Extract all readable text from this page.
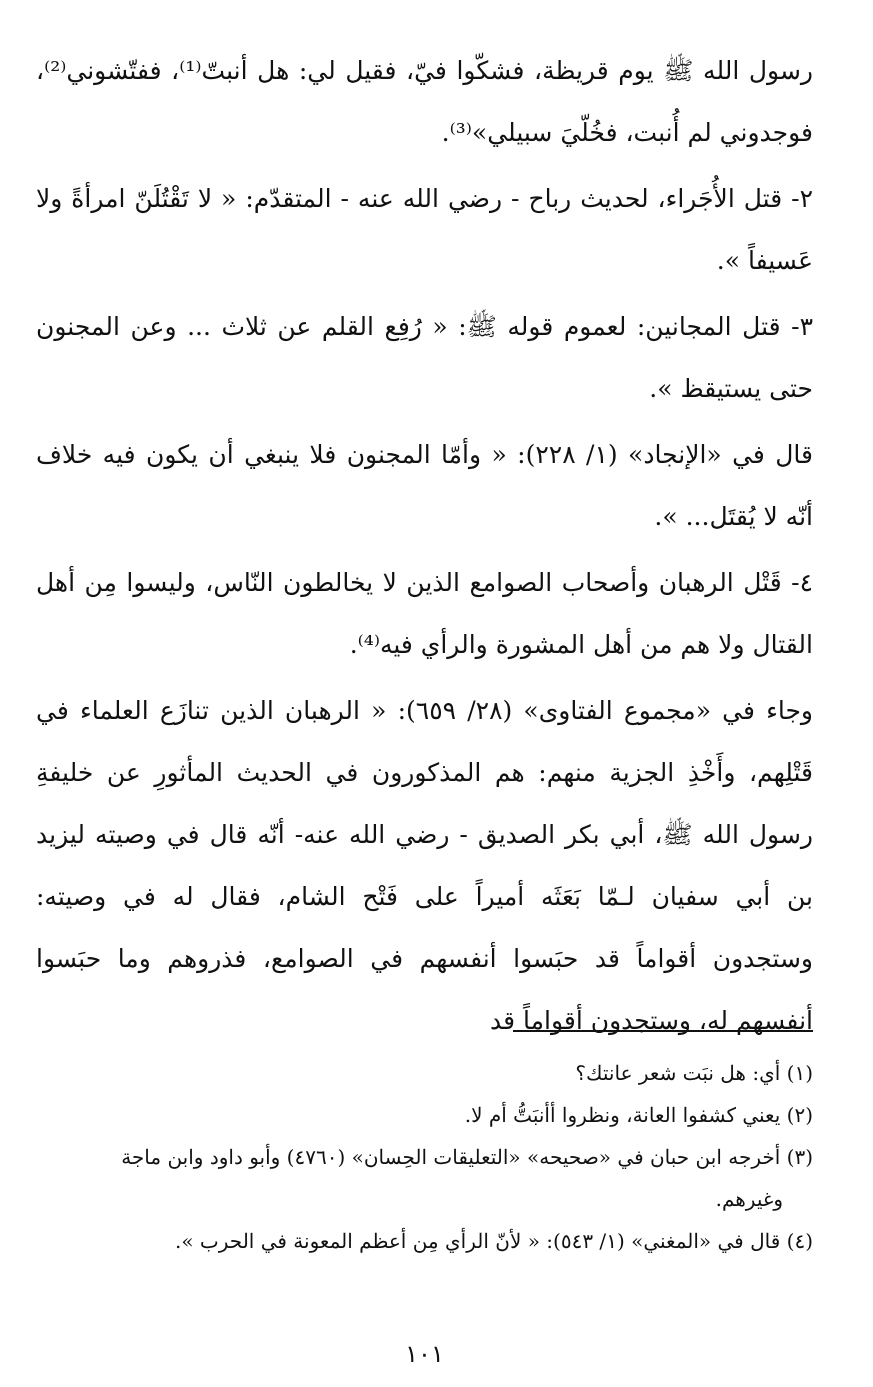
رسول الله ﷺ يوم قريظة، فشكّوا فيّ، فقيل لي: هل أنبتّ⁽¹⁾، ففتّشوني⁽²⁾، فوجدوني لم أُنبت، فخُلّيَ سبيلي»⁽³⁾.

٢- قتل الأُجَراء، لحديث رباح - رضي الله عنه - المتقدّم: « لا تَقْتُلَنّ امرأةً ولا عَسيفاً ».

٣- قتل المجانين: لعموم قوله ﷺ: « رُفِع القلم عن ثلاث ... وعن المجنون حتى يستيقظ ».

قال في «الإنجاد» (١/ ٢٢٨): « وأمّا المجنون فلا ينبغي أن يكون فيه خلاف أنّه لا يُقتَل... ».

٤- قَتْل الرهبان وأصحاب الصوامع الذين لا يخالطون النّاس، وليسوا مِن أهل القتال ولا هم من أهل المشورة والرأي فيه⁽⁴⁾.

وجاء في «مجموع الفتاوى» (٢٨/ ٦٥٩): « الرهبان الذين تنازَع العلماء في قَتْلِهم، وأَخْذِ الجزية منهم: هم المذكورون في الحديث المأثورِ عن خليفةِ رسول الله ﷺ، أبي بكر الصديق - رضي الله عنه- أنّه قال في وصيته ليزيد بن أبي سفيان لـمّا بَعَثَه أميراً على فَتْح الشام، فقال له في وصيته: وستجدون أقواماً قد حبَسوا أنفسهم في الصوامع، فذروهم وما حبَسوا أنفسهم له، وستجدون أقواماً قد

(١) أي: هل نبَت شعر عانتك؟

(٢) يعني كشفوا العانة، ونظروا أأنبَتُّ أم لا.

(٣) أخرجه ابن حبان في «صحيحه» «التعليقات الحِسان» (٤٧٦٠) وأبو داود وابن ماجة

وغيرهم.

(٤) قال في «المغني» (١/ ٥٤٣): « لأنّ الرأي مِن أعظم المعونة في الحرب ».

١٠١
